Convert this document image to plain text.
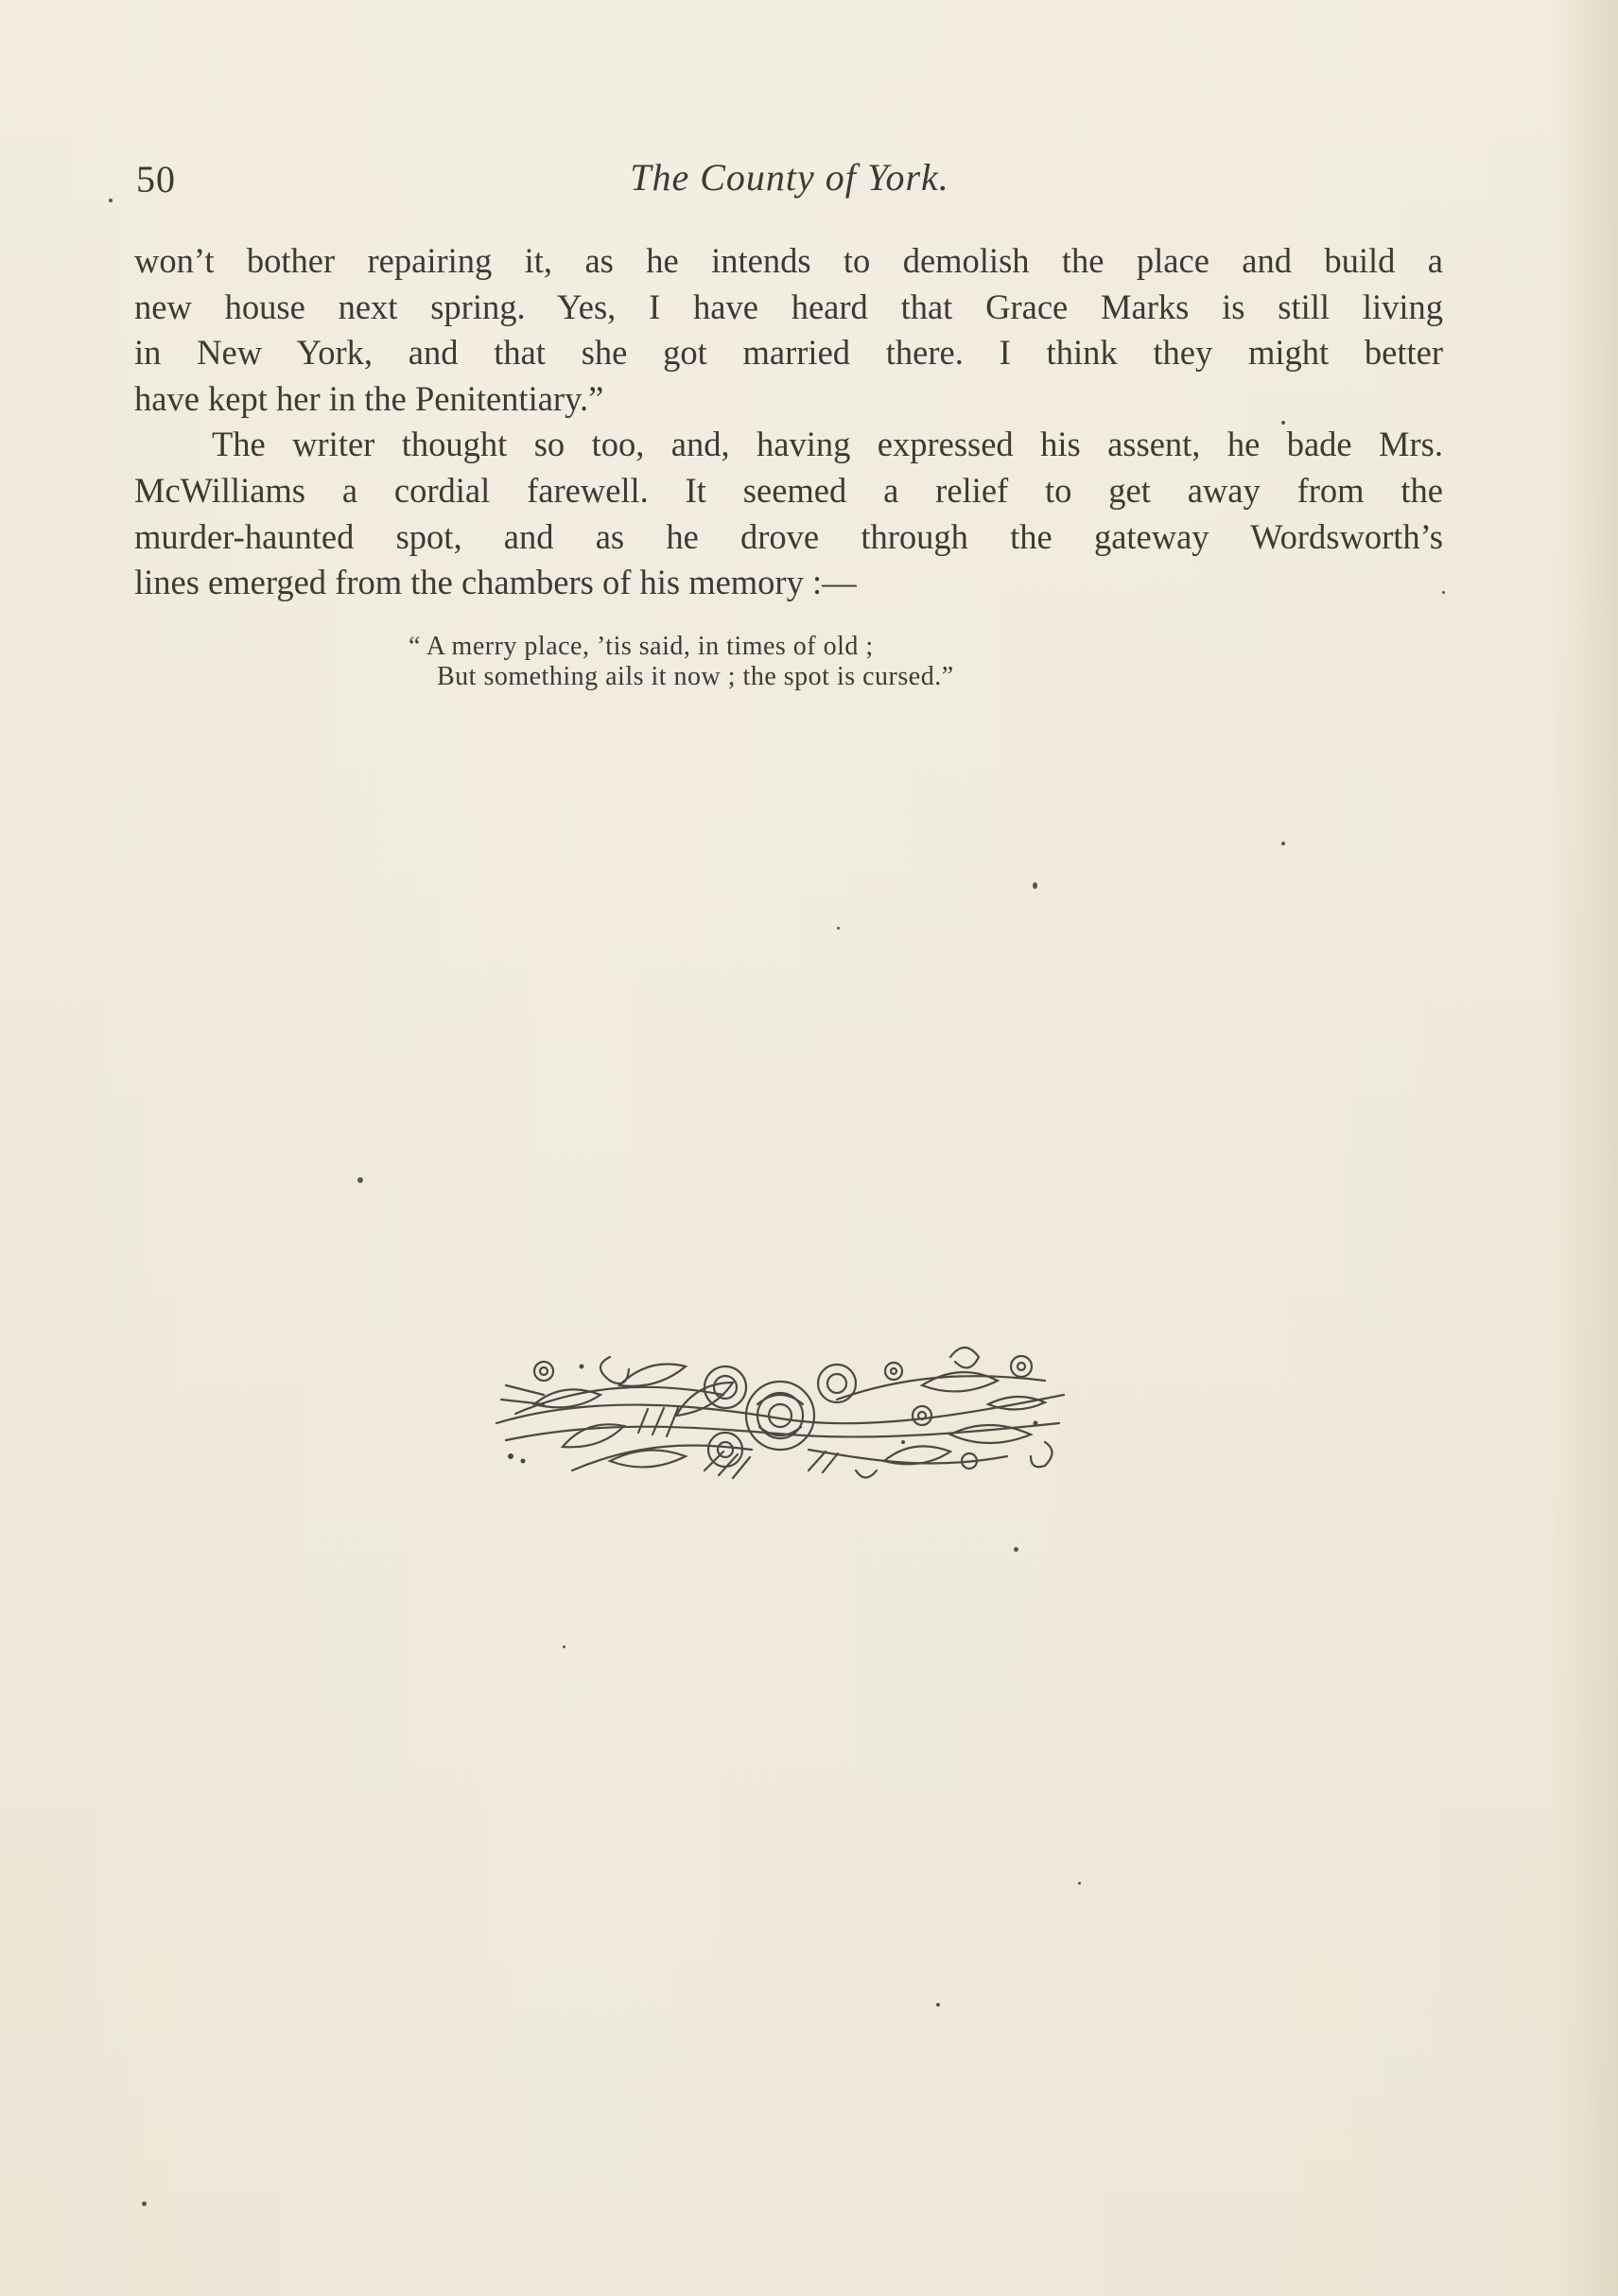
50	The County of York.

won’t bother repairing it, as he intends to demolish the place and build a
new house next spring. Yes, I have heard that Grace Marks is still living
in New York, and that she got married there. I think they might better
have kept her in the Penitentiary.”

The writer thought so too, and, having expressed his assent, he bade Mrs.
McWilliams a cordial farewell. It seemed a relief to get away from the
murder-haunted spot, and as he drove through the gateway Wordsworth’s
lines emerged from the chambers of his memory :—

“ A merry place, ’tis said, in times of old ;
But something ails it now ; the spot is cursed.”
